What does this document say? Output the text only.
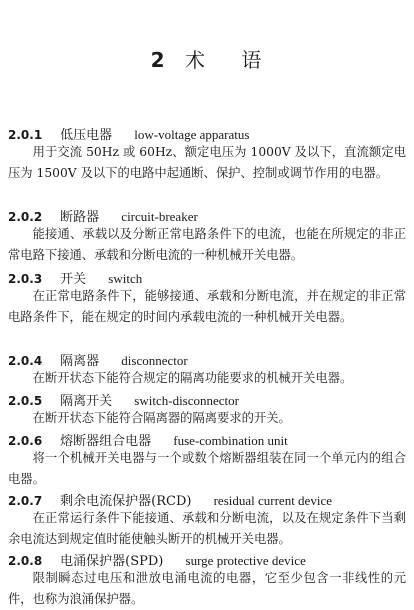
2 术 语
2.0.1 低压电器 low-voltage apparatus

用于交流 50Hz 或 60Hz、额定电压为 1000V 及以下，直流额定电压为 1500V 及以下的电路中起通断、保护、控制或调节作用的电器。

2.0.2 断路器 circuit-breaker

能接通、承载以及分断正常电路条件下的电流，也能在所规定的非正常电路下接通、承载和分断电流的一种机械开关电器。

2.0.3 开关 switch

在正常电路条件下，能够接通、承载和分断电流，并在规定的非正常电路条件下，能在规定的时间内承载电流的一种机械开关电器。

2.0.4 隔离器 disconnector

在断开状态下能符合规定的隔离功能要求的机械开关电器。

2.0.5 隔离开关 switch-disconnector

在断开状态下能符合隔离器的隔离要求的开关。

2.0.6 熔断器组合电器 fuse-combination unit

将一个机械开关电器与一个或数个熔断器组装在同一个单元内的组合电器。

2.0.7 剩余电流保护器(RCD) residual current device

在正常运行条件下能接通、承载和分断电流，以及在规定条件下当剩余电流达到规定值时能使触头断开的机械开关电器。

2.0.8 电涌保护器(SPD) surge protective device

限制瞬态过电压和泄放电涌电流的电器，它至少包含一非线性的元件，也称为浪涌保护器。
